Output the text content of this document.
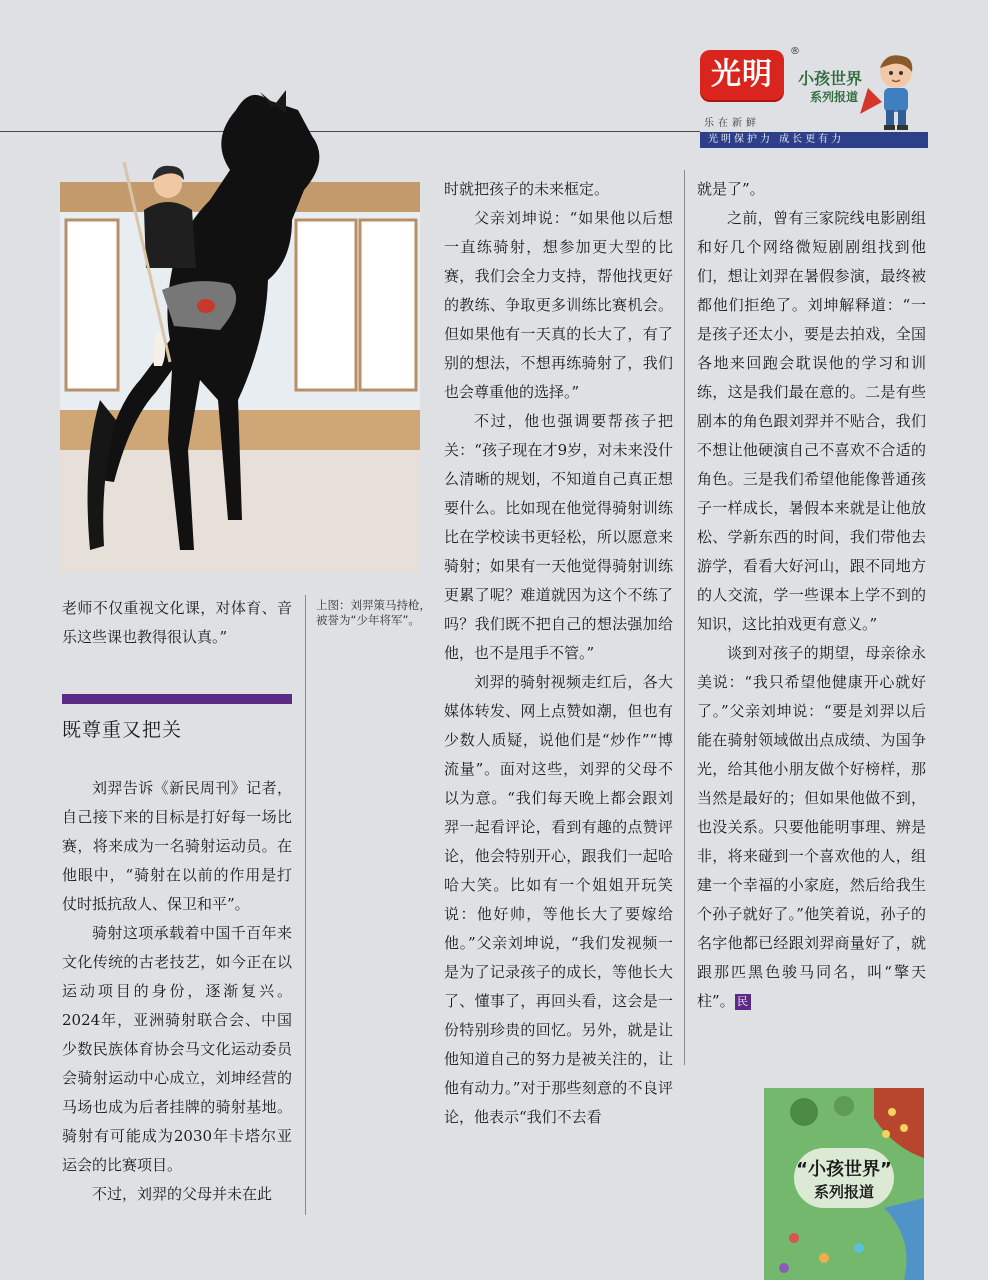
光明
®
小孩世界
系列报道
乐在新鲜
光明保护力 成长更有力
上图：刘羿策马持枪，被誉为“少年将军”。

老师不仅重视文化课，对体育、音乐这些课也教得很认真。”

既尊重又把关

刘羿告诉《新民周刊》记者，自己接下来的目标是打好每一场比赛，将来成为一名骑射运动员。在他眼中，“骑射在以前的作用是打仗时抵抗敌人、保卫和平”。

骑射这项承载着中国千百年来文化传统的古老技艺，如今正在以运动项目的身份，逐渐复兴。2024年，亚洲骑射联合会、中国少数民族体育协会马文化运动委员会骑射运动中心成立，刘坤经营的马场也成为后者挂牌的骑射基地。骑射有可能成为2030年卡塔尔亚运会的比赛项目。

不过，刘羿的父母并未在此

时就把孩子的未来框定。

父亲刘坤说：“如果他以后想一直练骑射，想参加更大型的比赛，我们会全力支持，帮他找更好的教练、争取更多训练比赛机会。但如果他有一天真的长大了，有了别的想法，不想再练骑射了，我们也会尊重他的选择。”

不过，他也强调要帮孩子把关：“孩子现在才9岁，对未来没什么清晰的规划，不知道自己真正想要什么。比如现在他觉得骑射训练比在学校读书更轻松，所以愿意来骑射；如果有一天他觉得骑射训练更累了呢？难道就因为这个不练了吗？我们既不把自己的想法强加给他，也不是甩手不管。”

刘羿的骑射视频走红后，各大媒体转发、网上点赞如潮，但也有少数人质疑，说他们是“炒作”“博流量”。面对这些，刘羿的父母不以为意。“我们每天晚上都会跟刘羿一起看评论，看到有趣的点赞评论，他会特别开心，跟我们一起哈哈大笑。比如有一个姐姐开玩笑说：他好帅，等他长大了要嫁给他。”父亲刘坤说，“我们发视频一是为了记录孩子的成长，等他长大了、懂事了，再回头看，这会是一份特别珍贵的回忆。另外，就是让他知道自己的努力是被关注的，让他有动力。”对于那些刻意的不良评论，他表示“我们不去看

就是了”。

之前，曾有三家院线电影剧组和好几个网络微短剧剧组找到他们，想让刘羿在暑假参演，最终被都他们拒绝了。刘坤解释道：“一是孩子还太小，要是去拍戏，全国各地来回跑会耽误他的学习和训练，这是我们最在意的。二是有些剧本的角色跟刘羿并不贴合，我们不想让他硬演自己不喜欢不合适的角色。三是我们希望他能像普通孩子一样成长，暑假本来就是让他放松、学新东西的时间，我们带他去游学，看看大好河山，跟不同地方的人交流，学一些课本上学不到的知识，这比拍戏更有意义。”

谈到对孩子的期望，母亲徐永美说：“我只希望他健康开心就好了。”父亲刘坤说：“要是刘羿以后能在骑射领域做出点成绩、为国争光，给其他小朋友做个好榜样，那当然是最好的；但如果他做不到，也没关系。只要他能明事理、辨是非，将来碰到一个喜欢他的人，组建一个幸福的小家庭，然后给我生个孙子就好了。”他笑着说，孙子的名字他都已经跟刘羿商量好了，就跟那匹黑色骏马同名，叫“擎天柱”。 民

“小孩世界”
系列报道
